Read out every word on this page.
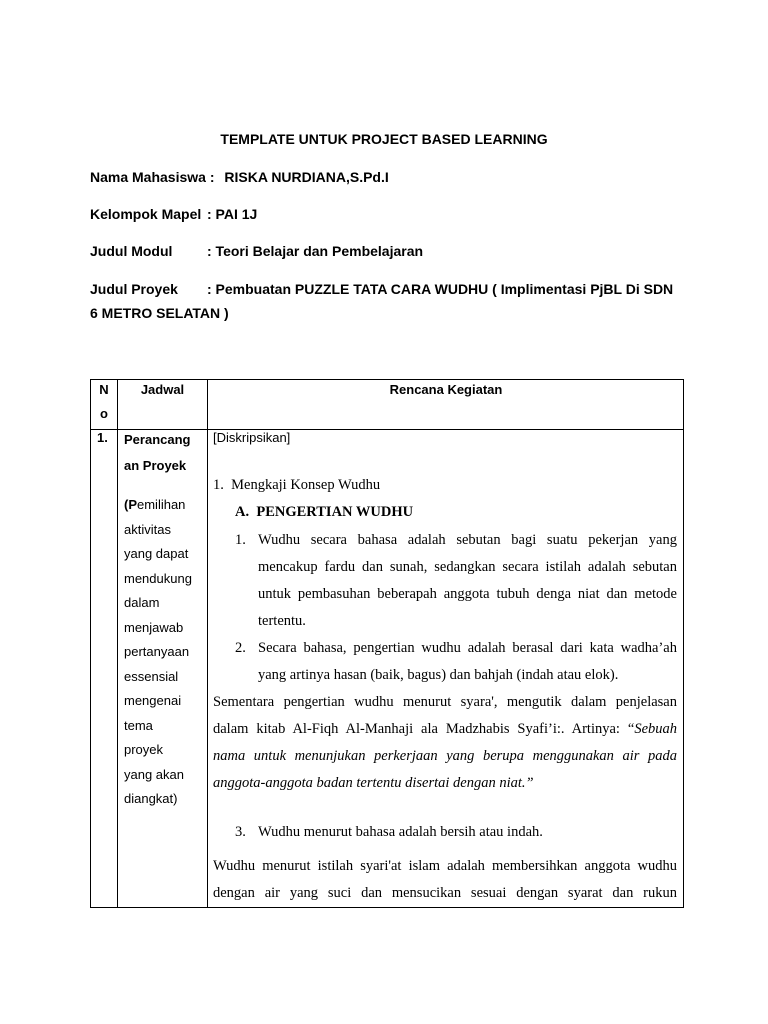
TEMPLATE UNTUK PROJECT BASED LEARNING
Nama Mahasiswa : RISKA NURDIANA,S.Pd.I
Kelompok Mapel : PAI 1J
Judul Modul : Teori Belajar dan Pembelajaran
Judul Proyek : Pembuatan PUZZLE TATA CARA WUDHU ( Implimentasi PjBL Di SDN
6 METRO SELATAN )
N
o
Jadwal	Rencana Kegiatan
1. Perancang
an Proyek
(Pemilihan
aktivitas
yang dapat
mendukung
dalam
menjawab
pertanyaan
essensial
mengenai
tema
proyek
yang akan
diangkat)
[Diskripsikan]
1.  Mengkaji Konsep Wudhu
A.  PENGERTIAN WUDHU
1. Wudhu secara bahasa adalah sebutan bagi suatu pekerjan yang
mencakup fardu dan sunah, sedangkan secara istilah adalah sebutan
untuk pembasuhan beberapah anggota tubuh denga niat dan metode
tertentu.
2. Secara bahasa, pengertian wudhu adalah berasal dari kata wadha’ah
yang artinya hasan (baik, bagus) dan bahjah (indah atau elok).
Sementara pengertian wudhu menurut syara', mengutik dalam penjelasan
dalam kitab Al-Fiqh Al-Manhaji ala Madzhabis Syafi’i:. Artinya: “Sebuah
nama untuk menunjukan perkerjaan yang berupa menggunakan air pada
anggota-anggota badan tertentu disertai dengan niat.”
3. Wudhu menurut bahasa adalah bersih atau indah.
Wudhu menurut istilah syari'at islam adalah membersihkan anggota wudhu
dengan air yang suci dan mensucikan sesuai dengan syarat dan rukun
